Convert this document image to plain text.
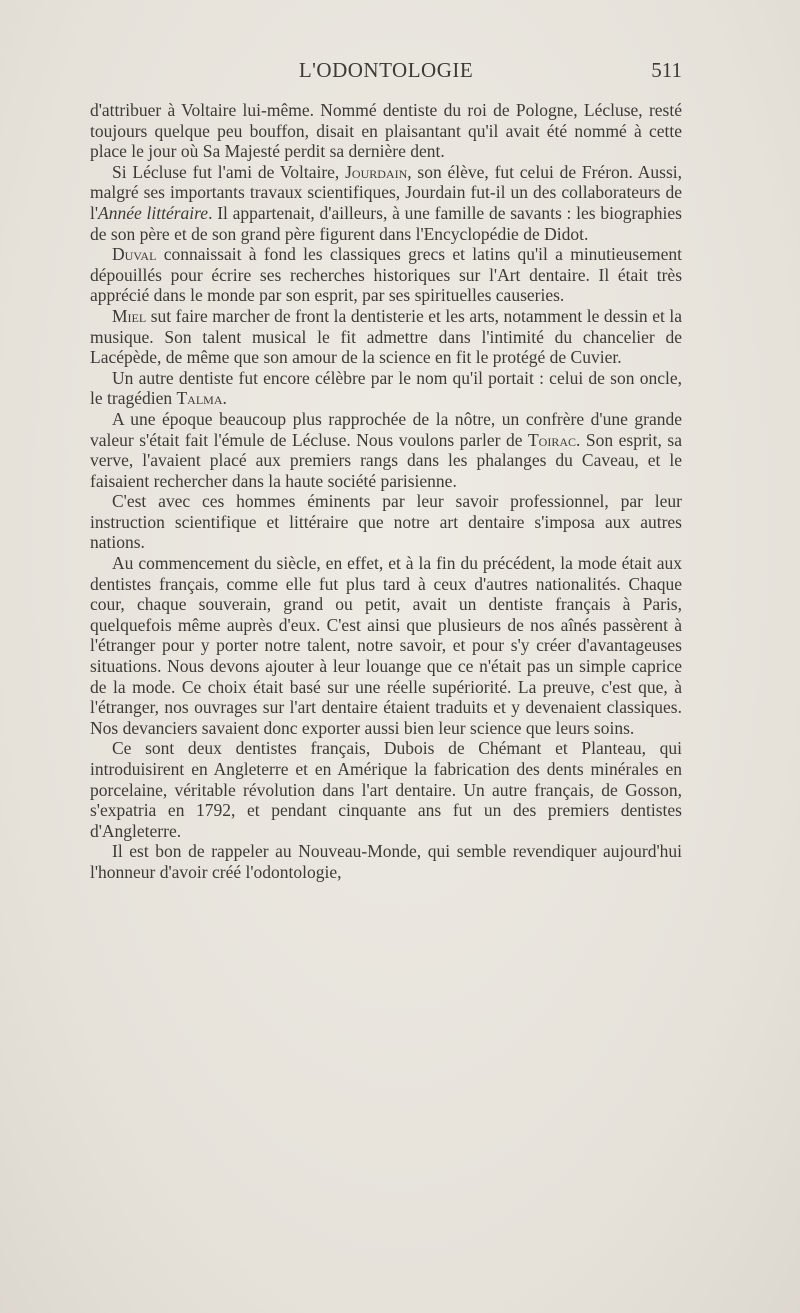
L'ODONTOLOGIE	511

d'attribuer à Voltaire lui-même. Nommé dentiste du roi de Pologne, Lécluse, resté toujours quelque peu bouffon, disait en plaisantant qu'il avait été nommé à cette place le jour où Sa Majesté perdit sa dernière dent.

Si Lécluse fut l'ami de Voltaire, Jourdain, son élève, fut celui de Fréron. Aussi, malgré ses importants travaux scientifiques, Jourdain fut-il un des collaborateurs de l'Année littéraire. Il appartenait, d'ailleurs, à une famille de savants : les biographies de son père et de son grand père figurent dans l'Encyclopédie de Didot.

Duval connaissait à fond les classiques grecs et latins qu'il a minutieusement dépouillés pour écrire ses recherches historiques sur l'Art dentaire. Il était très apprécié dans le monde par son esprit, par ses spirituelles causeries.

Miel sut faire marcher de front la dentisterie et les arts, notamment le dessin et la musique. Son talent musical le fit admettre dans l'intimité du chancelier de Lacépède, de même que son amour de la science en fit le protégé de Cuvier.

Un autre dentiste fut encore célèbre par le nom qu'il portait : celui de son oncle, le tragédien Talma.

A une époque beaucoup plus rapprochée de la nôtre, un confrère d'une grande valeur s'était fait l'émule de Lécluse. Nous voulons parler de Toirac. Son esprit, sa verve, l'avaient placé aux premiers rangs dans les phalanges du Caveau, et le faisaient rechercher dans la haute société parisienne.

C'est avec ces hommes éminents par leur savoir professionnel, par leur instruction scientifique et littéraire que notre art dentaire s'imposa aux autres nations.

Au commencement du siècle, en effet, et à la fin du précédent, la mode était aux dentistes français, comme elle fut plus tard à ceux d'autres nationalités. Chaque cour, chaque souverain, grand ou petit, avait un dentiste français à Paris, quelquefois même auprès d'eux. C'est ainsi que plusieurs de nos aînés passèrent à l'étranger pour y porter notre talent, notre savoir, et pour s'y créer d'avantageuses situations. Nous devons ajouter à leur louange que ce n'était pas un simple caprice de la mode. Ce choix était basé sur une réelle supériorité. La preuve, c'est que, à l'étranger, nos ouvrages sur l'art dentaire étaient traduits et y devenaient classiques. Nos devanciers savaient donc exporter aussi bien leur science que leurs soins.

Ce sont deux dentistes français, Dubois de Chémant et Planteau, qui introduisirent en Angleterre et en Amérique la fabrication des dents minérales en porcelaine, véritable révolution dans l'art dentaire. Un autre français, de Gosson, s'expatria en 1792, et pendant cinquante ans fut un des premiers dentistes d'Angleterre.

Il est bon de rappeler au Nouveau-Monde, qui semble revendiquer aujourd'hui l'honneur d'avoir créé l'odontologie,
